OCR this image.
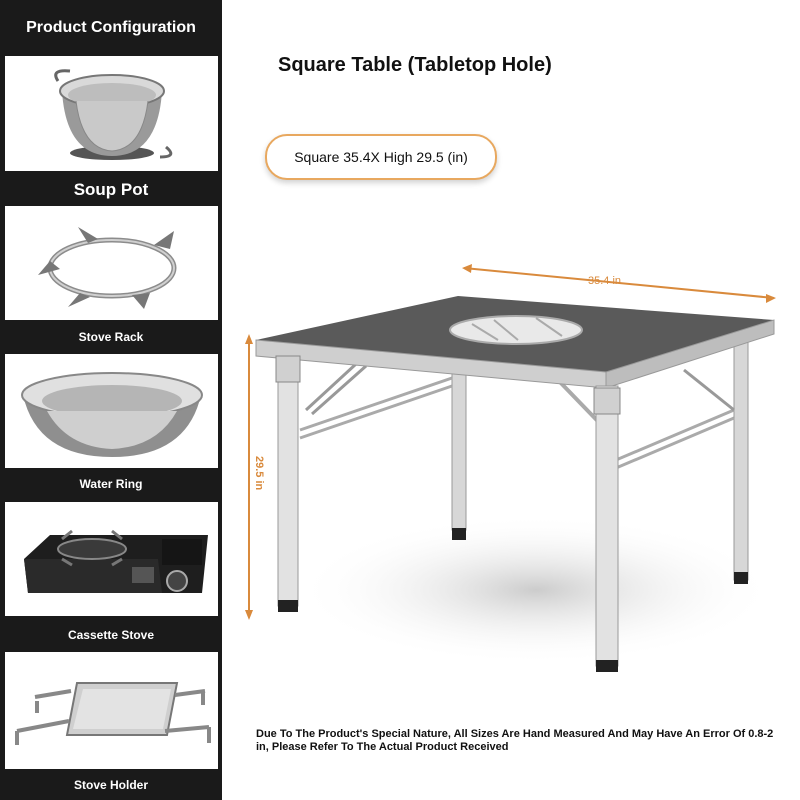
Product Configuration
Soup Pot
Stove Rack
Water Ring
Cassette Stove
Stove Holder
Square Table (Tabletop Hole)
Square 35.4X High 29.5 (in)
35.4 in
29.5 in
Due To The Product's Special Nature, All Sizes Are Hand Measured And May Have An Error Of 0.8-2 in, Please Refer To The Actual Product Received
